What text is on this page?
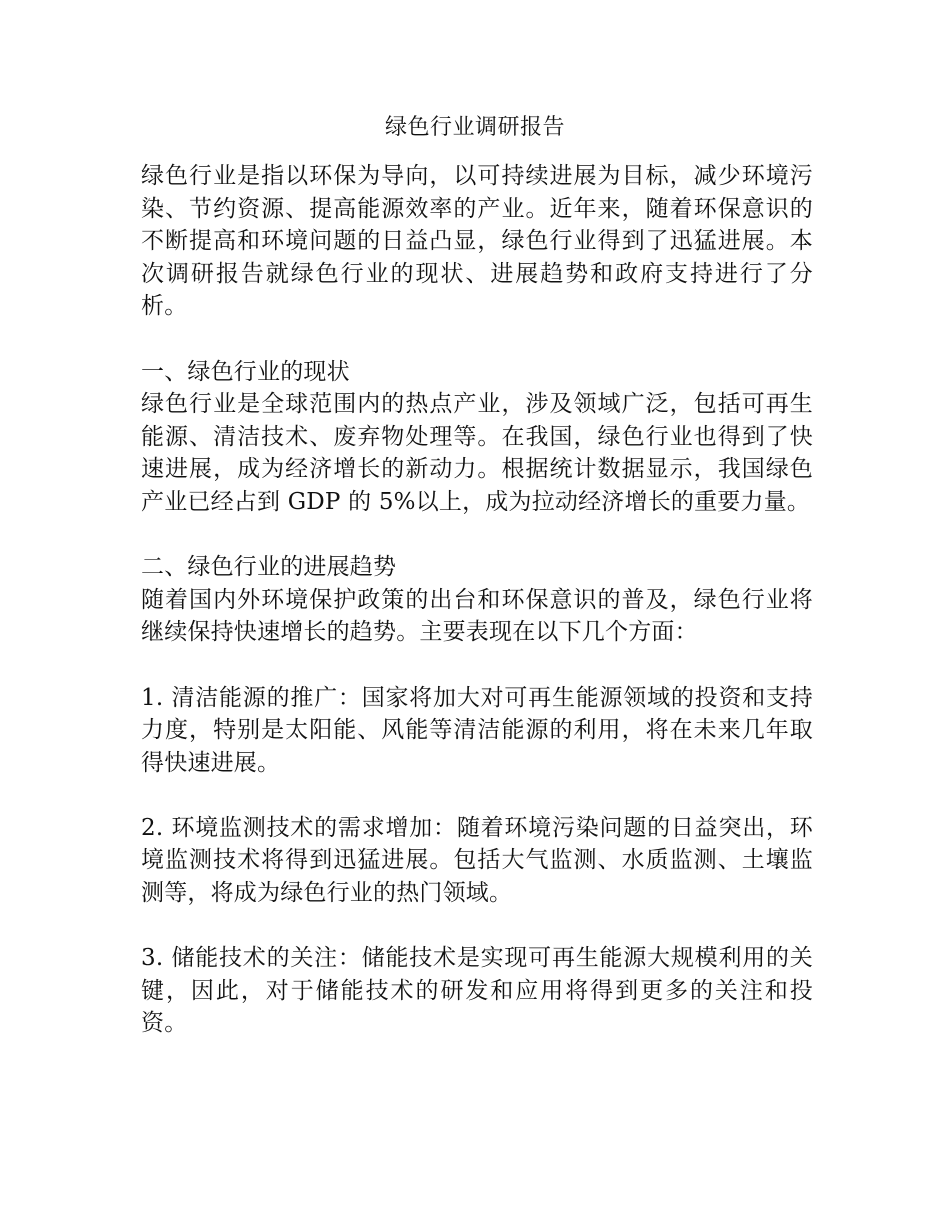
绿色行业调研报告

绿色行业是指以环保为导向，以可持续进展为目标，减少环境污染、节约资源、提高能源效率的产业。近年来，随着环保意识的不断提高和环境问题的日益凸显，绿色行业得到了迅猛进展。本次调研报告就绿色行业的现状、进展趋势和政府支持进行了分析。

一、绿色行业的现状

绿色行业是全球范围内的热点产业，涉及领域广泛，包括可再生能源、清洁技术、废弃物处理等。在我国，绿色行业也得到了快速进展，成为经济增长的新动力。根据统计数据显示，我国绿色产业已经占到 GDP 的 5%以上，成为拉动经济增长的重要力量。

二、绿色行业的进展趋势

随着国内外环境保护政策的出台和环保意识的普及，绿色行业将继续保持快速增长的趋势。主要表现在以下几个方面：

1. 清洁能源的推广：国家将加大对可再生能源领域的投资和支持力度，特别是太阳能、风能等清洁能源的利用，将在未来几年取得快速进展。

2. 环境监测技术的需求增加：随着环境污染问题的日益突出，环境监测技术将得到迅猛进展。包括大气监测、水质监测、土壤监测等，将成为绿色行业的热门领域。

3. 储能技术的关注：储能技术是实现可再生能源大规模利用的关键，因此，对于储能技术的研发和应用将得到更多的关注和投资。
